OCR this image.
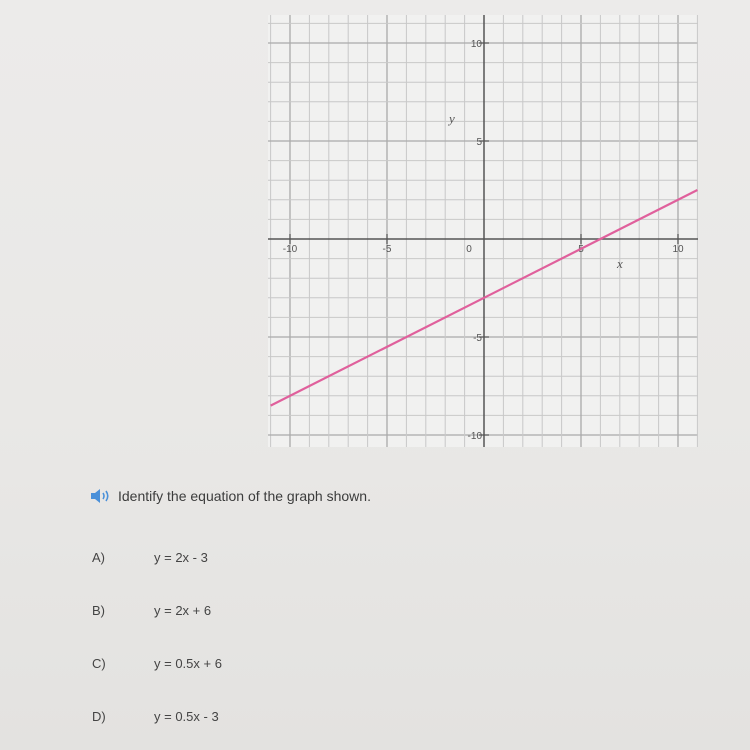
-10	-5	0	5	10
10
5
-5
-10
y
x
Identify the equation of the graph shown.
A)	y = 2x - 3
B)	y = 2x + 6
C)	y = 0.5x + 6
D)	y = 0.5x - 3
